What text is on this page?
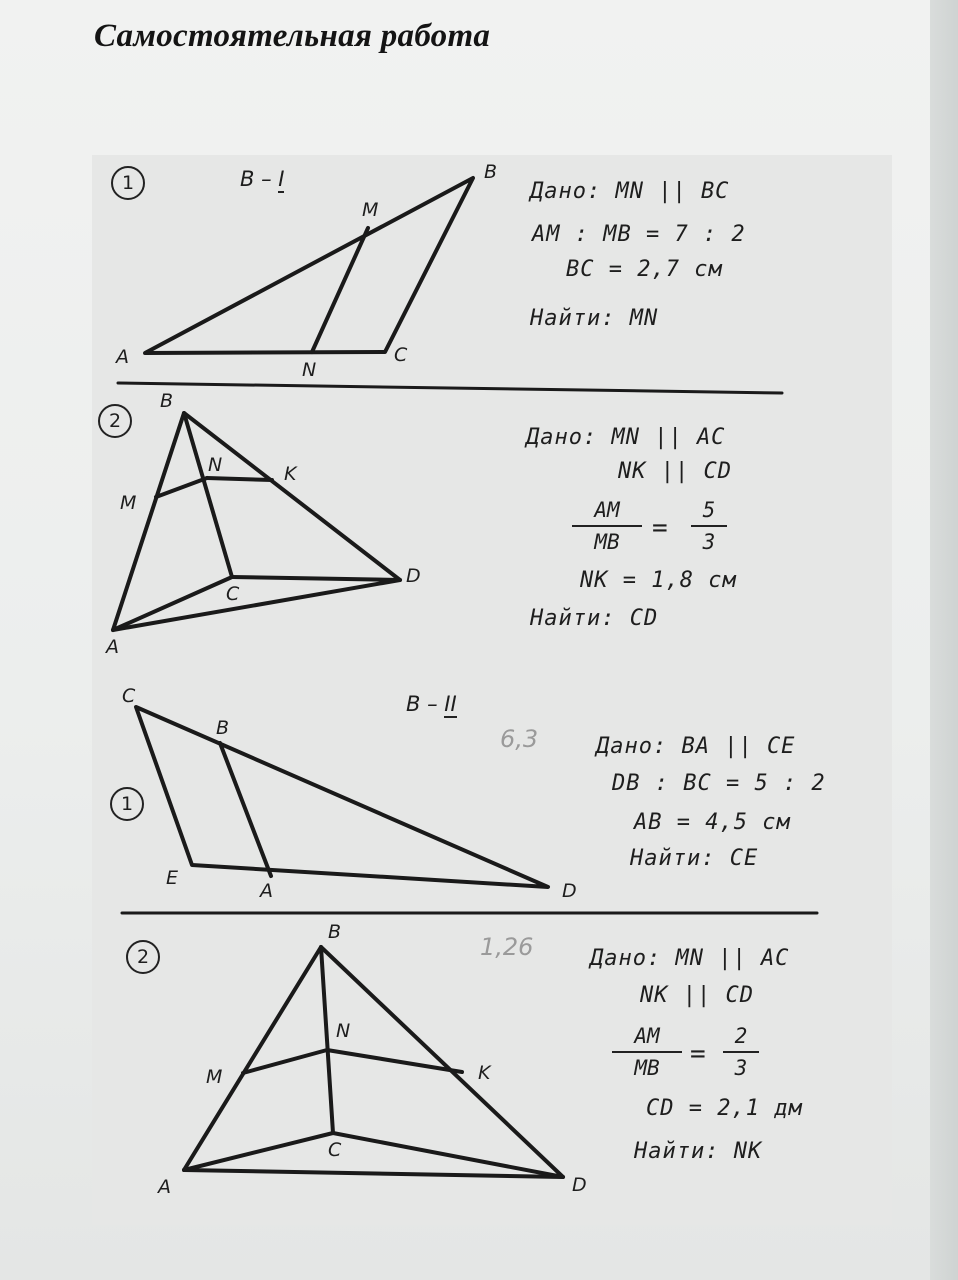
Самостоятельная работа
1	В – I	В
M
A
N
C
Дано: MN || BC
AM : MB = 7 : 2
BC = 2,7 см
Найти: MN
2
B
N	K
M
D
C
A
Дано: MN || AC
NK || CD
AM
MB	=
5
3
NK = 1,8 см
Найти: CD
В – II
6,3
1,26
1
C
B
E
A	D
Дано: BA || CE
DB : BC = 5 : 2
AB = 4,5 см
Найти: CE
2
B
N
M	K
C
A	D
Дано: MN || AC
NK || CD
AM
MB	=
2
3
CD = 2,1 дм
Найти: NK
